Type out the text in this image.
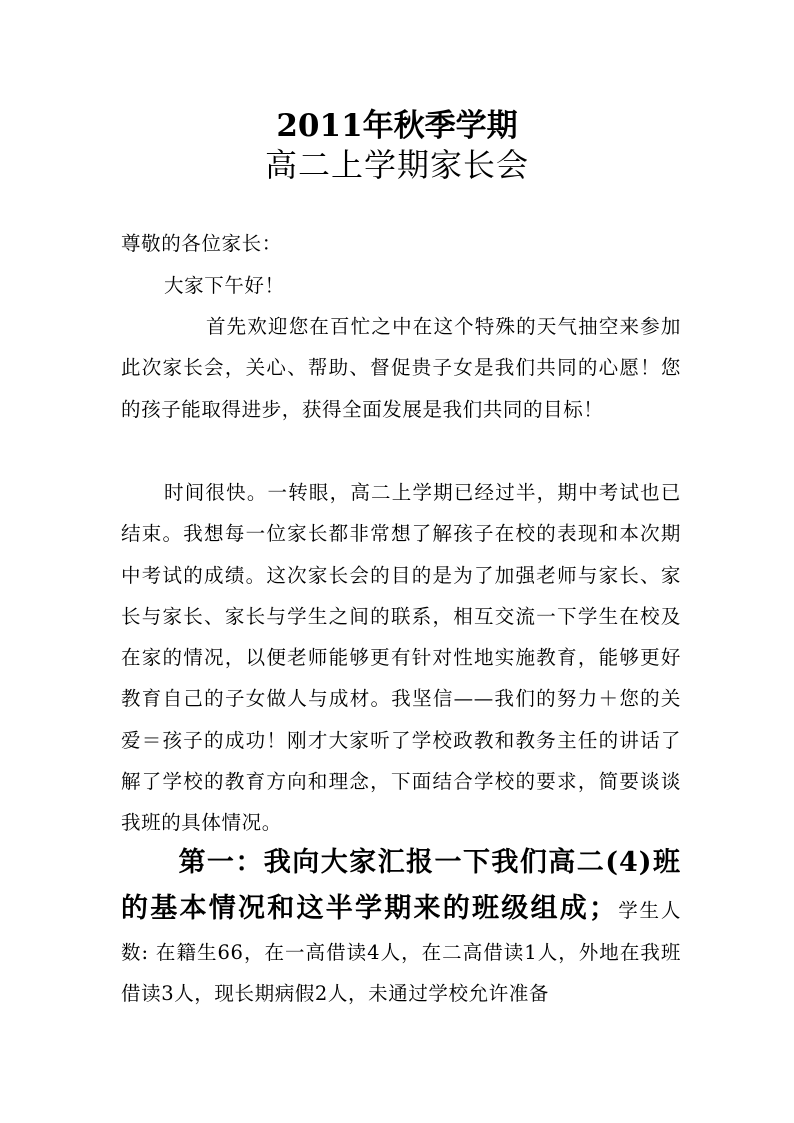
2011年秋季学期
高二上学期家长会
尊敬的各位家长：
大家下午好！
首先欢迎您在百忙之中在这个特殊的天气抽空来参加此次家长会，关心、帮助、督促贵子女是我们共同的心愿！您的孩子能取得进步，获得全面发展是我们共同的目标！
时间很快。一转眼，高二上学期已经过半，期中考试也已结束。我想每一位家长都非常想了解孩子在校的表现和本次期中考试的成绩。这次家长会的目的是为了加强老师与家长、家长与家长、家长与学生之间的联系，相互交流一下学生在校及在家的情况，以便老师能够更有针对性地实施教育，能够更好教育自己的子女做人与成材。我坚信——我们的努力＋您的关爱＝孩子的成功！刚才大家听了学校政教和教务主任的讲话了解了学校的教育方向和理念，下面结合学校的要求，简要谈谈我班的具体情况。
第一：我向大家汇报一下我们高二(4)班的基本情况和这半学期来的班级组成；学生人数: 在籍生66，在一高借读4人，在二高借读1人，外地在我班借读3人，现长期病假2人，未通过学校允许准备
